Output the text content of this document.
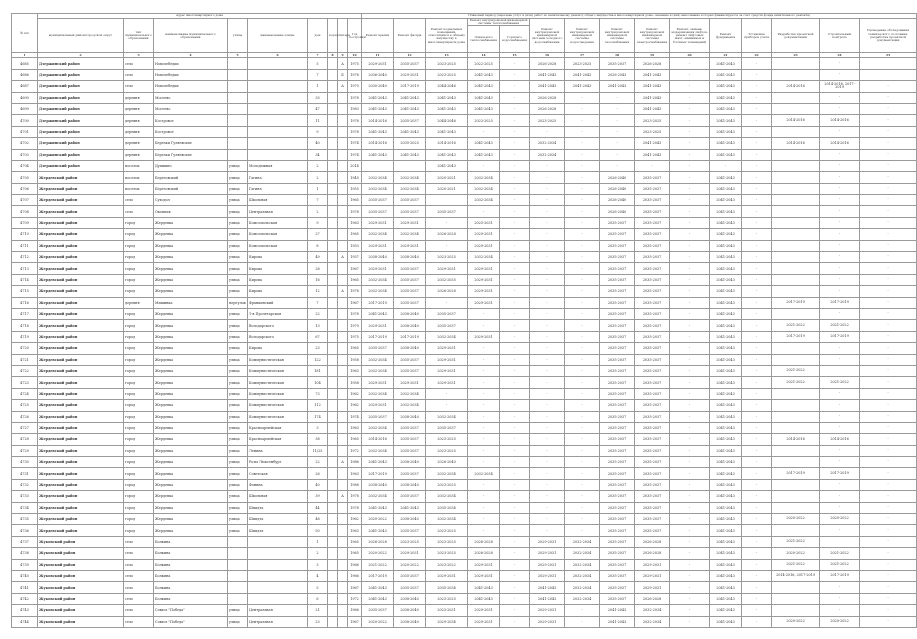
№ п/п	Адрес многоквартирного дома									Плановый период (перечень услуг и (или) работ по капитальному ремонту общего имущества в многоквартирном доме, оказание и (или) выполнение которых финансируется за счет средств фонда капитального ремонта)														
	муниципальный район/городской округ	тип муниципального образования	наименование муниципального образования	улица	наименование улицы	дом	корпус	литера	Год постройки	Ремонт крыши	Ремонт фасада	Ремонт подвальных помещений, относящихся к общему имуществу в многоквартирном доме	Ремонт внутридомовой инженерной системы теплоснабжения		Ремонт внутридомовой инженерной системы холодного водоснабжения	Ремонт внутридомовой инженерной системы водоотведения	Ремонт внутридомовой инженерной системы газоснабжения	Ремонт внутридомовой инженерной системы электроснабжения	Ремонт, замена, модернизация лифтов, ремонт лифтовых шахт, машинных и блочных помещений	Ремонт фундамента	Установка приборов учета	Разработка проектной документации	Строительный контроль	Проведение обследования технического состояния, разработка проектной документации
													Локального теплоснабжения	Горячего водоснабжения										

1	2	3	4	5	6	7	8	9	10	11	12	13	14	15	16	17	18	19	20	21	22	23	24	25
4685	Дзержинский район	село	Новолебедки			5		А	1975	2029-2031	2035-2037	2023-2025	2022-2025	-	2026-2028	2023-2025	2035-2037	2026-2028	-	2041-2043	-		-	
4686	Дзержинский район	село	Новолебедки			7		Б	1978	2036-2040	2029-2031	2023-2025	2041-2043	-	2041-2043	2041-2043	2026-2043	2041-2043	-	2041-2043	-		-	
4687	Дзержинский район	село	Новолебедки			1		А	1970	2030-2040	2017-2019	2044-2046	2041-2043	-	2041-2043	2041-2043	2041-2043	2041-2043	-	2041-2043	-	2014-2016	2014-2016, 2017-2019	-
4690	Дзержинский район	деревня	Мосеево			33			1978	2041-2043	2041-2043	2041-2043	2041-2043	-	2026-2028	-	-	2041-2043	-	2041-2043	-		-	-
4699	Дзержинский район	деревня	Мосеево			47			1983	2041-2043	2041-2043	2041-2043	2041-2043	-	2026-2028	-	-	2041-2043	-	2041-2043	-		-	-
4700	Дзержинский район	деревня	Костровое			11			1978	2014-2016	2035-2037	2044-2046	2023-2025	-	2023-2025	-	-	2023-2025	-	2041-2043	-	2014-2016	2014-2016	-
4701	Дзержинский район	деревня	Костровое			9			1978	2041-2043	2041-2043	2041-2043	-	-	-	-	-	2023-2025	-	2041-2043	-		-	-
4702	Дзержинский район	деревня	Березки Гуляевские			40			1974	2014-2016	2035-2025	2014-2016	2041-2043	-	2032-2034	-	-	2041-2043	-	2041-2043	-	2014-2016	2014-2016	-
4703	Дзержинский район	деревня	Березки Гуляевские			34			1974	2041-2043	2041-2043	2041-2043	2041-2043	-	2032-2034	-	-	2041-2043	-	2041-2043	-		-	-
4704	Дзержинский район	поселок	Душкино	улица	Молодежная	2			2014			2041-2043	-	-	-	-	-	-	-	-	-		-	-
4705	Жердевский район	поселок	Березовский	улица	Гагина	2			1945	2032-2034	2032-2034	2020-2021	2032-2034	-	-	-	2026-2040	2035-2037	-	2041-2043	-		-	-
4706	Жердевский район	поселок	Березовский	улица	Гагина	1			1955	2032-2034	2032-2034	2020-2021	2032-2034	-	-	-	2026-2040	2035-2037	-	2041-2043	-		-	-
4707	Жердевский район	село	Суходол	улица	Школьная	7			1965	2035-2037	2035-2037		2032-2034	-	-	-	2026-2040	2035-2037	-	2041-2043	-		-	-
4708	Жердевский район	село	Окопная	улица	Центральная	2			1978	2035-2037	2035-2037	2035-2037	-	-	-	-	2026-2040	2035-2037	-	2041-2043	-		-	-
4709	Жердевский район	город	Жердевка	улица	Комсомольская	9			1963	2029-2031	2029-2031	-	2025-2031	-	-	-	2035-2037	2035-2037	-	2041-2043	-		-	-
4710	Жердевский район	город	Жердевка	улица	Комсомольская	27			1965	2032-2034	2032-2034	2026-2028	2029-2031	-	-	-	2035-2037	2035-2037	-	2041-2043	-		-	-
4711	Жердевский район	город	Жердевка	улица	Комсомольская	8			1953	2029-2031	2029-2031	-	2029-2031	-	-	-	2035-2037	2035-2037	-	2041-2043	-		-	-
4712	Жердевский район	город	Жердевка	улица	Кирова	49		А	1957	2038-2040	2038-2040	2023-2025	2032-2034	-	-	-	2035-2037	2035-2037	-	2041-2043	-		-	-
4713	Жердевский район	город	Жердевка	улица	Кирова	28			1967	2029-2031	2035-2037	2029-2031	2029-2031	-	-	-	2035-2037	2035-2037	-	2041-2043	-		-	-
4714	Жердевский район	город	Жердевка	улица	Кирова	16			1965	2032-2034	2035-2037	2032-2035	2029-2031	-	-	-	2035-2037	2035-2037	-	2041-2043	-		-	-
4715	Жердевский район	город	Жердевка	улица	Кирова	12		А	1978	2032-2034	2035-2037	2026-2028	2029-2031	-	-	-	2035-2037	2035-2037	-	2041-2043	-		-	-
4716	Жердевский район	деревня	Мишинка	переулок	Франкинский	7			1967	2017-2019	2035-2037	-	2029-2031	-	-	-	2035-2037	2035-2037	-	2041-2043	-	2017-2019	2017-2019	-
4717	Жердевский район	город	Жердевка	улица	1-я Пролетарская	22			1978	2041-2043	2038-2040	2035-2037	-	-	-	-	2035-2037	2035-2037	-	2041-2043	-		-	-
4718	Жердевский район	город	Жердевка	улица	Володарского	13			1979	2029-2031	2038-2040	2035-2037	-	-	-	-	2035-2037	2035-2037	-	2041-2043	-	2021-2022	2021-2022	-
4719	Жердевский район	город	Жердевка	улица	Володарского	67			1975	2017-2019	2017-2019	2032-2034	2029-2031	-	-	-	2035-2037	2035-2037	-	2041-2043	-	2017-2019	2017-2019	-
4720	Жердевский район	город	Жердевка	улица	Кирова	23			1965	2035-2037	2038-2040	2029-2031	-	-	-	-	2035-2037	2035-2037	-	2041-2043	-		-	-
4721	Жердевский район	город	Жердевка	улица	Коммунистическая	122			1958	2032-2034	2035-2037	2029-2031	-	-	-	-	2035-2037	2035-2037	-	2041-2043	-		-	-
4722	Жердевский район	город	Жердевка	улица	Коммунистическая	181			1963	2032-2034	2035-2037	2029-2031	-	-	-	-	2035-2037	2035-2037	-	2041-2043	-	2021-2022		-
4723	Жердевский район	город	Жердевка	улица	Коммунистическая	104			1958	2029-2031	2029-2031	2029-2031	-	-	-	-	2035-2037	2035-2037	-	2041-2043	-	2021-2022	2021-2022	-
4724	Жердевский район	город	Жердевка	улица	Коммунистическая	73			1962	2032-2034	2032-2034	-	-	-	-	-	2035-2037	2035-2037	-	2041-2043	-		-	-
4725	Жердевский район	город	Жердевка	улица	Коммунистическая	112			1962	2029-2031	2032-2034	-	-	-	-	-	2035-2037	2035-2037	-	2041-2043	-		-	-
4726	Жердевский район	город	Жердевка	улица	Коммунистическая	174			1974	2035-2037	2038-2040	2032-2034	-	-	-	-	2035-2037	2035-2037	-	2041-2043	-		-	-
4727	Жердевский район	город	Жердевка	улица	Красноармейская	3			1963	2032-2034	2035-2037	2035-2037	-	-	-	-	2035-2037	2035-2037	-	2041-2043	-		-	-
4728	Жердевский район	город	Жердевка	улица	Красноармейская	38			1965	2014-2016	2035-2037	2023-2025	-	-	-	-	2035-2037	2035-2037	-	2041-2043	-	2014-2016	2014-2016	-
4729	Жердевский район	город	Жердевка	улица	Ленина	11/25			1972	2032-2034	2035-2037	2023-2025	-	-	-	-	2035-2037	2035-2037	-	2041-2043	-		-	-
4730	Жердевский район	город	Жердевка	улица	Розы Люксембург	22		А	1986	2041-2043	2038-2040	2026-2040	-	-	-	-	2035-2037	2035-2037	-	2041-2043	-		-	-
4731	Жердевский район	город	Жердевка	улица	Советская	26			1963	2017-2019	2035-2037	2032-2034	2032-2034	-	-	-	2035-2037	2035-2037	-	2041-2043	-	2017-2019	2017-2019	-
4732	Жердевский район	город	Жердевка	улица	Фонина	40			1988	2038-2040	2038-2040	2023-2025	-	-	-	-	2035-2037	2035-2037	-	2041-2043	-		-	-
4733	Жердевский район	город	Жердевка	улица	Школьная	39		А	1978	2032-2034	2035-2037	2032-2034	-	-	-	-	2035-2037	2035-2037	-	2041-2043	-		-	-
4734	Жердевский район	город	Жердевка	улица	Шпидта	44			1978	2041-2043	2041-2043	2035-2034	-	-	-	-	2035-2037	2035-2037	-	2041-2043	-		-	-
4735	Жердевский район	город	Жердевка	улица	Шпидта	48			1962	2020-2022	2038-2040	2032-2034	-	-	-	-	2035-2037	2035-2037	-	2041-2043	-	2020-2022	2020-2022	-
4736	Жердевский район	город	Жердевка	улица	Шпидта	50			1963	2041-2043	2035-2037	2023-2025	-	-	-	-	2035-2037	2035-2037	-	2041-2043	-		-	-
4737	Жуковский район	село	Болкина			1			1965	2026-2028	2023-2025	2023-2025	2026-2028	-	2029-2031	2032-2034	2035-2037	2026-2028	-	2041-2043	-	2021-2022		-
4738	Жуковский район	село	Болкина			2			1965	2020-2022	2029-2031	2023-2025	2026-2028	-	2029-2031	2032-2034	2035-2037	2026-2028	-	2041-2043	-	2020-2022	2021-2022	-
4739	Жуковский район	село	Болкина			3			1966	2021-2022	2020-2022	2023-2022	2029-2031	-	2029-2031	2032-2034	2035-2037	2029-2031	-	2041-2043	-	2021-2022	2021-2022	-
4740	Жуковский район	село	Болкина			4			1966	2017-2019	2035-2037	2029-2031	2029-2031	-	2029-2031	2032-2034	2035-2037	2029-2031	-	2041-2043	-	2014-2016, 2017-2019	2017-2019	-
4741	Жуковский район	село	Болкина			5			1967	2041-2043	2035-2037	2035-2034	2041-2043	-	2041-2043	2032-2034	2035-2037	2029-2031	-	2041-2043	-		-	-
4742	Жуковский район	село	Болкина			6			1972	2041-2043	2038-2040	2023-2025	2041-2043	-	2041-2043	2032-2034	2035-2037	2026-2028	-	2041-2043	-		-	-
4743	Жуковский район	село	Совхоз "Победа"	улица	Центральная	21			1966	2035-2037	2038-2040	2023-2031	2029-2031	-	2029-2031	-	2041-2043	2032-2034	-	2041-2043	-		-	-
4744	Жуковский район	село	Совхоз "Победа"	улица	Центральная	23			1967	2020-2022	2038-2040	2029-2034	2029-2031	-	2029-2031	-	2041-2043	2032-2034	-	2041-2043	-	2020-2022	2020-2022	-
